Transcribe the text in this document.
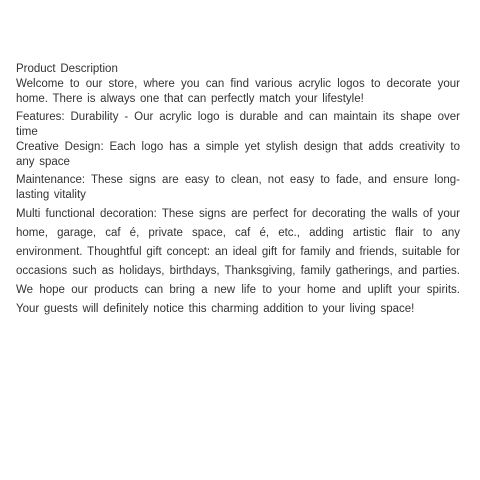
Product Description

Welcome to our store, where you can find various acrylic logos to decorate your home. There is always one that can perfectly match your lifestyle!

Features: Durability - Our acrylic logo is durable and can maintain its shape over time

Creative Design: Each logo has a simple yet stylish design that adds creativity to any space

Maintenance: These signs are easy to clean, not easy to fade, and ensure long-lasting vitality

Multi functional decoration: These signs are perfect for decorating the walls of your home, garage, caf é, private space, caf é, etc., adding artistic flair to any environment. Thoughtful gift concept: an ideal gift for family and friends, suitable for occasions such as holidays, birthdays, Thanksgiving, family gatherings, and parties. We hope our products can bring a new life to your home and uplift your spirits. Your guests will definitely notice this charming addition to your living space!
